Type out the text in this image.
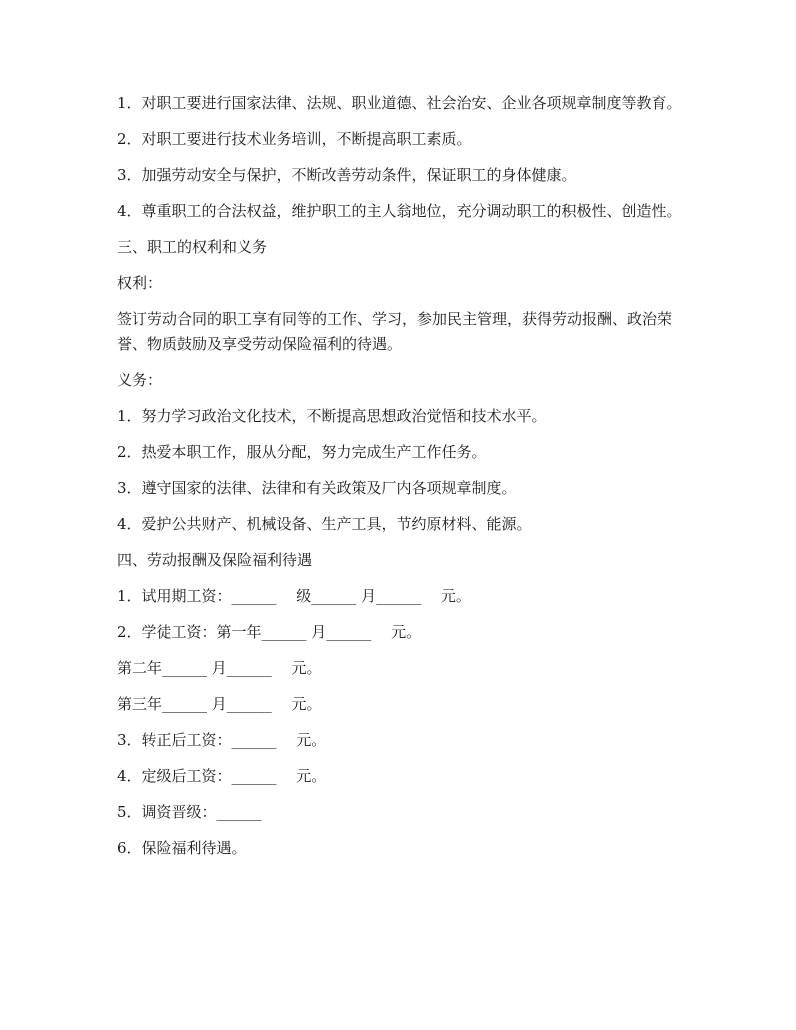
1．对职工要进行国家法律、法规、职业道德、社会治安、企业各项规章制度等教育。

2．对职工要进行技术业务培训，不断提高职工素质。

3．加强劳动安全与保护，不断改善劳动条件，保证职工的身体健康。

4．尊重职工的合法权益，维护职工的主人翁地位，充分调动职工的积极性、创造性。

三、职工的权利和义务

权利：

签订劳动合同的职工享有同等的工作、学习，参加民主管理，获得劳动报酬、政治荣誉、物质鼓励及享受劳动保险福利的待遇。

义务：

1．努力学习政治文化技术，不断提高思想政治觉悟和技术水平。

2．热爱本职工作，服从分配，努力完成生产工作任务。

3．遵守国家的法律、法律和有关政策及厂内各项规章制度。

4．爱护公共财产、机械设备、生产工具，节约原材料、能源。

四、劳动报酬及保险福利待遇

1．试用期工资：______　 级______ 月______　 元。

2．学徒工资：第一年______ 月______　 元。

第二年______ 月______　 元。

第三年______ 月______　 元。

3．转正后工资：______　 元。

4．定级后工资：______　 元。

5．调资晋级：______

6．保险福利待遇。
